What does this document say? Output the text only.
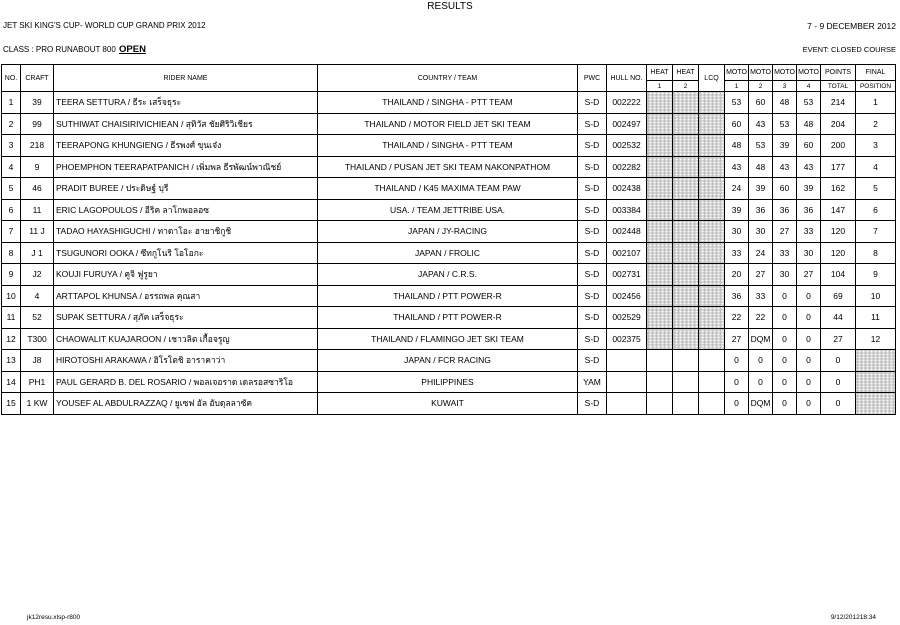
RESULTS
JET SKI KING'S CUP- WORLD CUP GRAND PRIX 2012	7 - 9 DECEMBER 2012
CLASS : PRO RUNABOUT 800 OPEN	EVENT: CLOSED COURSE
NO.	CRAFT	RIDER NAME	COUNTRY / TEAM	PWC	HULL NO.	HEAT	HEAT	LCQ	MOTO	MOTO	MOTO	MOTO	POINTS	FINAL
						1	2		1	2	3	4	TOTAL	POSITION
1	39	TEERA SETTURA / ธีระ เสร็จธุระ	THAILAND / SINGHA - PTT TEAM	S-D	002222				53	60	48	53	214	1
2	99	SUTHIWAT CHAISIRIVICHIEAN / สุทิวัส ชัยศิริวิเชียร	THAILAND / MOTOR FIELD JET SKI TEAM	S-D	002497				60	43	53	48	204	2
3	218	TEERAPONG KHUNGIENG / ธีรพงศ์ ขุนเจ๋ง	THAILAND / SINGHA - PTT TEAM	S-D	002532				48	53	39	60	200	3
4	9	PHOEMPHON TEERAPATPANICH / เพิ่มพล ธีรพัฒน์พาณิชย์	THAILAND / PUSAN JET SKI TEAM NAKONPATHOM	S-D	002282				43	48	43	43	177	4
5	46	PRADIT BUREE / ประดิษฐ์ บุรี	THAILAND / K45 MAXIMA TEAM PAW	S-D	002438				24	39	60	39	162	5
6	11	ERIC LAGOPOULOS / อีริค ลาโกพอลอซ	USA. / TEAM JETTRIBE USA.	S-D	003384				39	36	36	36	147	6
7	11 J	TADAO HAYASHIGUCHI / ทาดาโอะ ฮายาชิกูชิ	JAPAN / JY-RACING	S-D	002448				30	30	27	33	120	7
8	J 1	TSUGUNORI OOKA / ซึทกูโนริ โอโอกะ	JAPAN / FROLIC	S-D	002107				33	24	33	30	120	8
9	J2	KOUJI FURUYA / คูจิ ฟูรูยา	JAPAN / C.R.S.	S-D	002731				20	27	30	27	104	9
10	4	ARTTAPOL KHUNSA / อรรถพล คุณสา	THAILAND / PTT POWER-R	S-D	002456				36	33	0	0	69	10
11	52	SUPAK SETTURA / สุภัค เสร็จธุระ	THAILAND / PTT POWER-R	S-D	002529				22	22	0	0	44	11
12	T300	CHAOWALIT KUAJAROON / เชาวลิต เกื้อจรูญ	THAILAND / FLAMINGO JET SKI TEAM	S-D	002375				27	DQM	0	0	27	12
13	J8	HIROTOSHI ARAKAWA / ฮิโรโตชิ อาราคาว่า	JAPAN / FCR RACING	S-D					0	0	0	0	0	
14	PH1	PAUL GERARD B. DEL ROSARIO / พอลเจอราด เดลรอสซาริโอ	PHILIPPINES	YAM					0	0	0	0	0	
15	1 KW	YOUSEF AL ABDULRAZZAQ / ยูเซฟ อัล อับดุลลาซัค	KUWAIT	S-D					0	DQM	0	0	0	
jk12resu.xlsp-r800	9/12/201218:34
